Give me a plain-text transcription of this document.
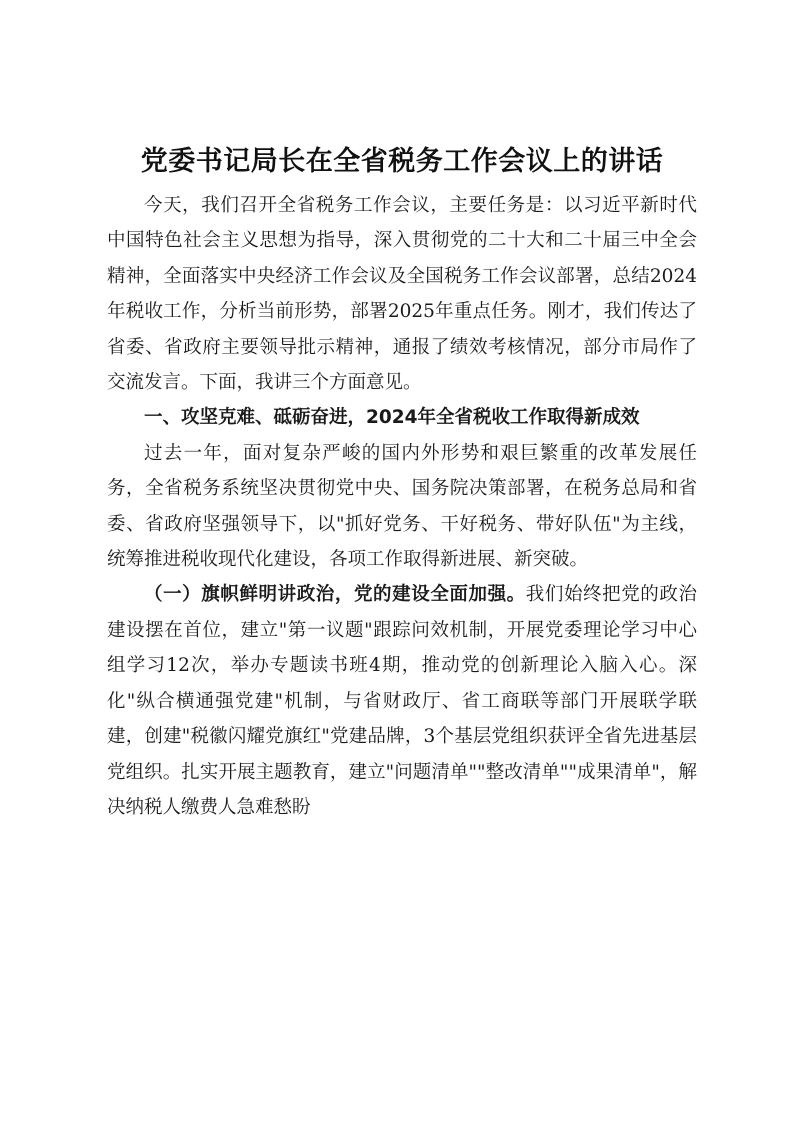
党委书记局长在全省税务工作会议上的讲话

今天，我们召开全省税务工作会议，主要任务是：以习近平新时代中国特色社会主义思想为指导，深入贯彻党的二十大和二十届三中全会精神，全面落实中央经济工作会议及全国税务工作会议部署，总结2024年税收工作，分析当前形势，部署2025年重点任务。刚才，我们传达了省委、省政府主要领导批示精神，通报了绩效考核情况，部分市局作了交流发言。下面，我讲三个方面意见。

一、攻坚克难、砥砺奋进，2024年全省税收工作取得新成效

过去一年，面对复杂严峻的国内外形势和艰巨繁重的改革发展任务，全省税务系统坚决贯彻党中央、国务院决策部署，在税务总局和省委、省政府坚强领导下，以"抓好党务、干好税务、带好队伍"为主线，统筹推进税收现代化建设，各项工作取得新进展、新突破。

（一）旗帜鲜明讲政治，党的建设全面加强。我们始终把党的政治建设摆在首位，建立"第一议题"跟踪问效机制，开展党委理论学习中心组学习12次，举办专题读书班4期，推动党的创新理论入脑入心。深化"纵合横通强党建"机制，与省财政厅、省工商联等部门开展联学联建，创建"税徽闪耀党旗红"党建品牌，3个基层党组织获评全省先进基层党组织。扎实开展主题教育，建立"问题清单""整改清单""成果清单"，解决纳税人缴费人急难愁盼
